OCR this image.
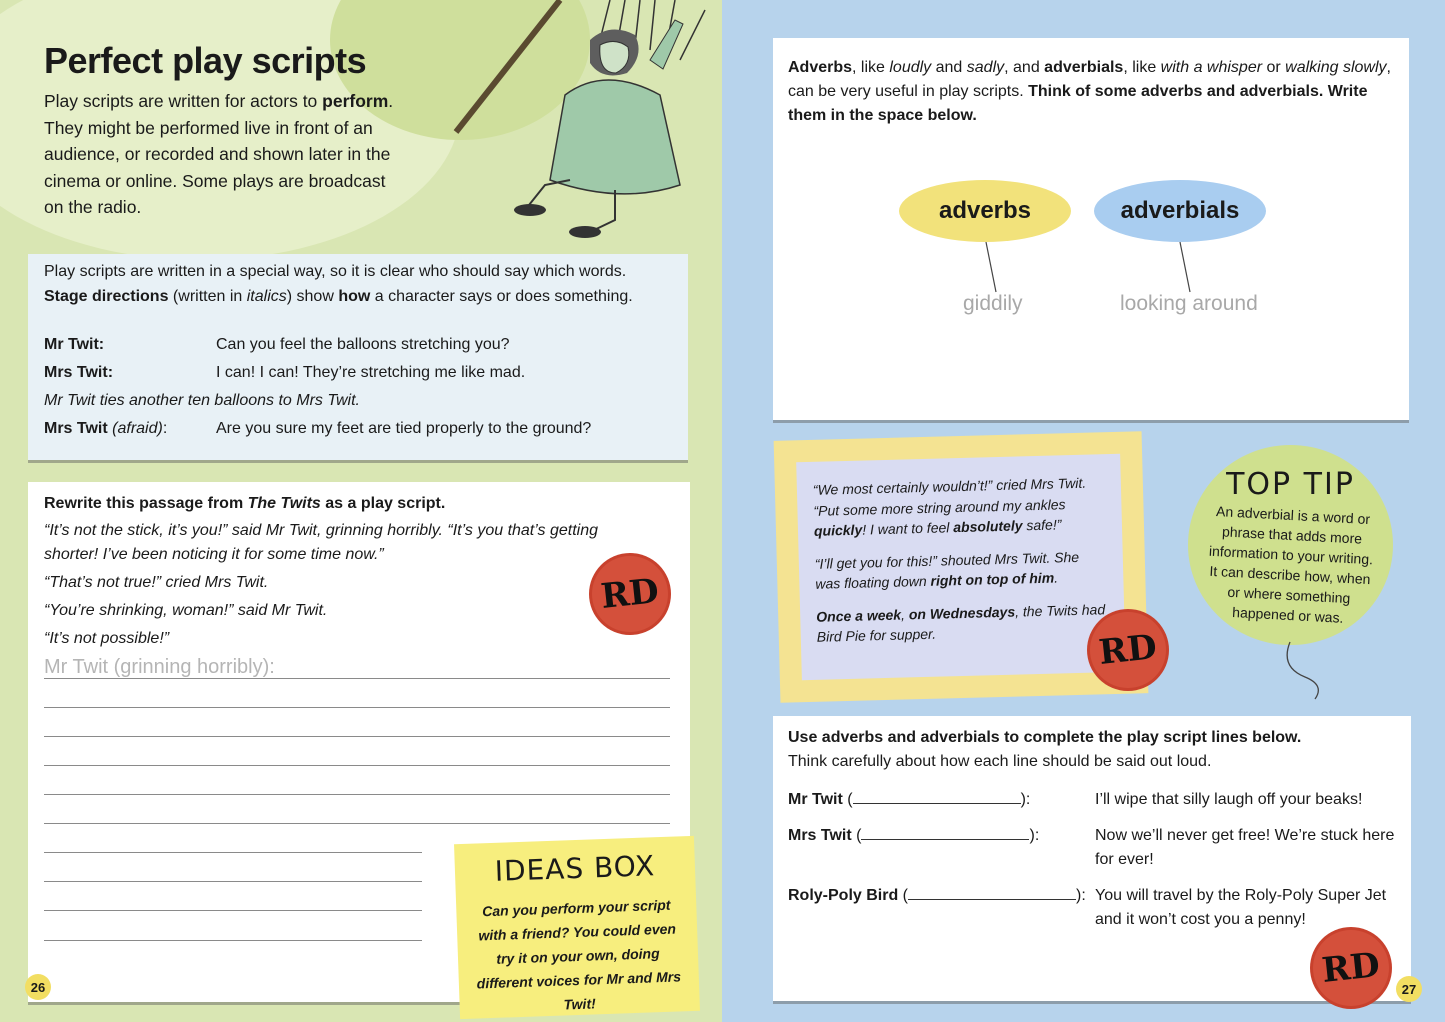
Perfect play scripts

Play scripts are written for actors to perform. They might be performed live in front of an audience, or recorded and shown later in the cinema or online. Some plays are broadcast on the radio.

Play scripts are written in a special way, so it is clear who should say which words.

Stage directions (written in italics) show how a character says or does something.

Mr Twit:	Can you feel the balloons stretching you?
Mrs Twit:	I can! I can! They’re stretching me like mad.
Mr Twit ties another ten balloons to Mrs Twit.
Mrs Twit (afraid):	Are you sure my feet are tied properly to the ground?

Rewrite this passage from The Twits as a play script.

“It’s not the stick, it’s you!” said Mr Twit, grinning horribly. “It’s you that’s getting shorter! I’ve been noticing it for some time now.”

“That’s not true!” cried Mrs Twit.

“You’re shrinking, woman!” said Mr Twit.

“It’s not possible!”

Mr Twit (grinning horribly):
RD
IDEAS BOX
Can you perform your script with a friend? You could even try it on your own, doing different voices for Mr and Mrs Twit!
26

Adverbs, like loudly and sadly, and adverbials, like with a whisper or walking slowly, can be very useful in play scripts. Think of some adverbs and adverbials. Write them in the space below.

adverbs	adverbials
giddily	looking around

“We most certainly wouldn’t!” cried Mrs Twit. “Put some more string around my ankles quickly! I want to feel absolutely safe!”

“I’ll get you for this!” shouted Mrs Twit. She was floating down right on top of him.

Once a week, on Wednesdays, the Twits had Bird Pie for supper.	RD
TOP TIP
An adverbial is a word or phrase that adds more information to your writing. It can describe how, when or where something happened or was.

Use adverbs and adverbials to complete the play script lines below.

Think carefully about how each line should be said out loud.

Mr Twit (	):	I’ll wipe that silly laugh off your beaks!
Mrs Twit (	):	Now we’ll never get free! We’re stuck here for ever!
Roly-Poly Bird (	): You will travel by the Roly-Poly Super Jet and it won’t cost you a penny!
RD	27
